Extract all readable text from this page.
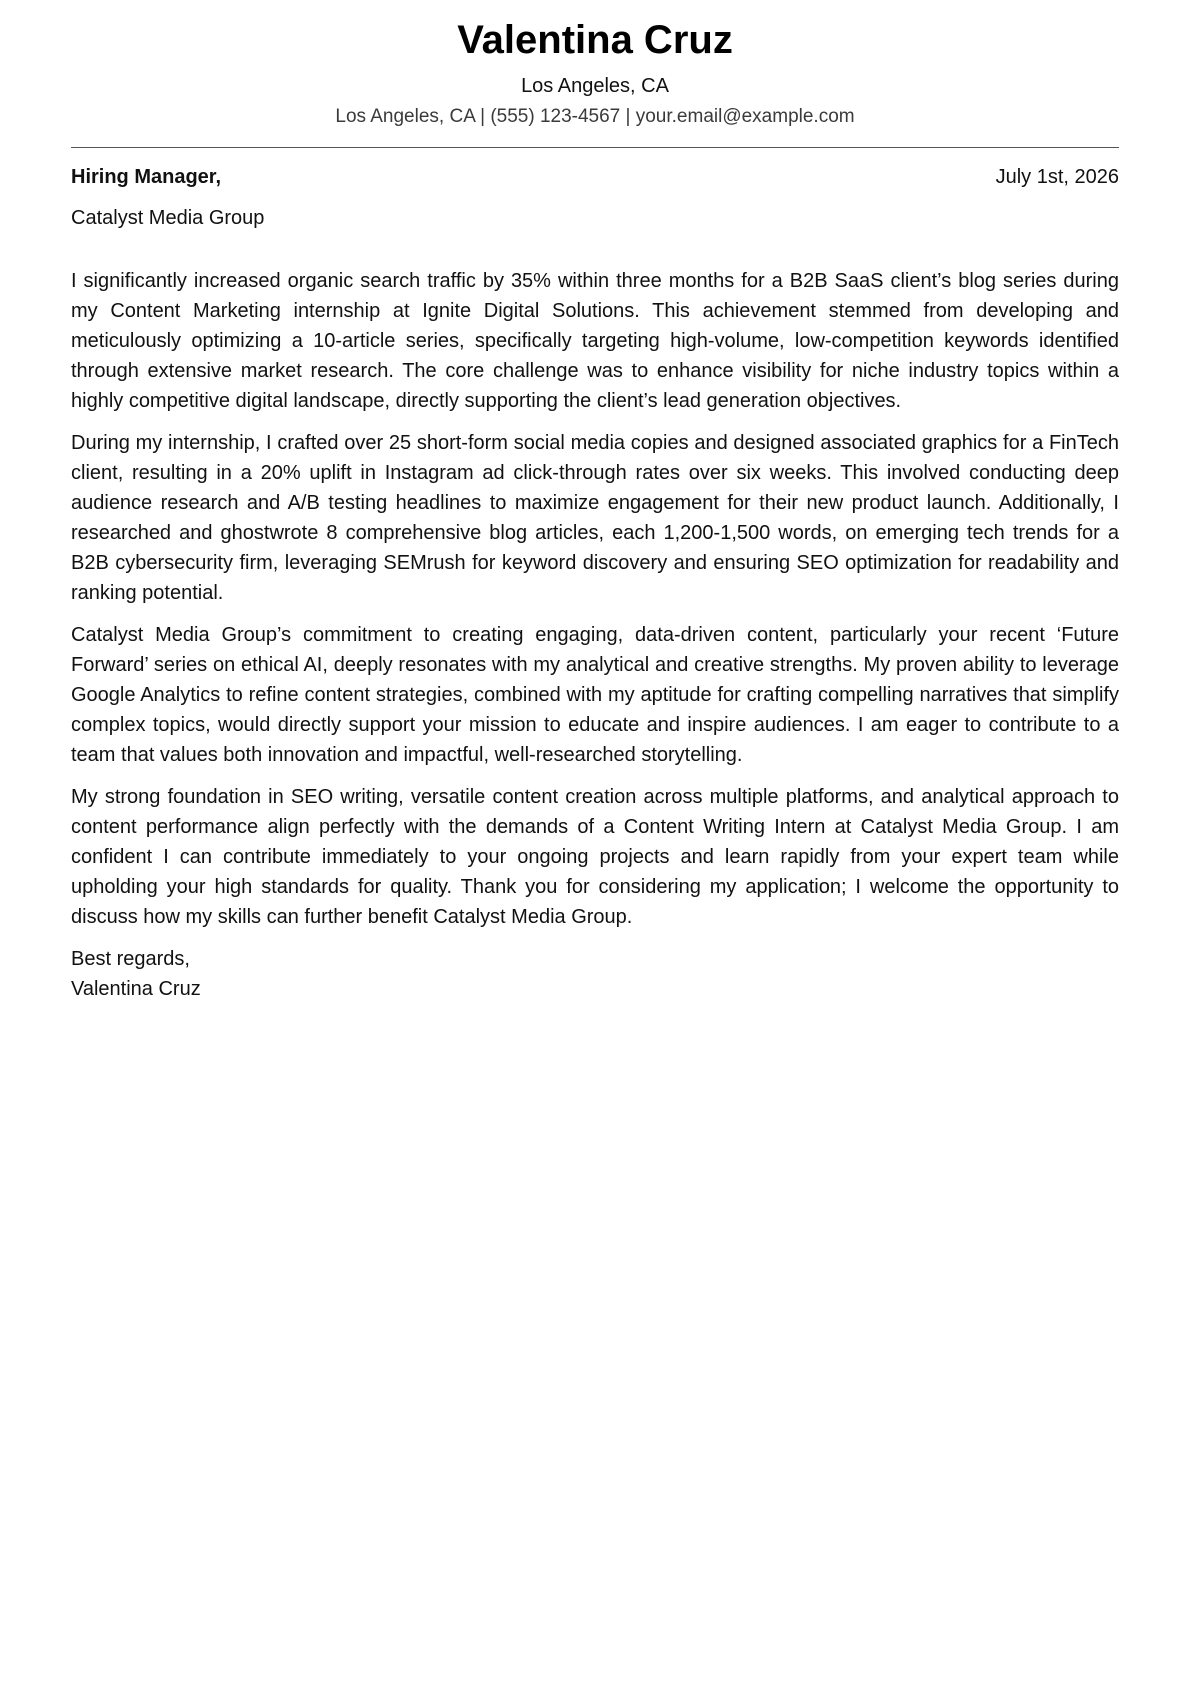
Valentina Cruz
Los Angeles, CA
Los Angeles, CA | (555) 123-4567 | your.email@example.com
Hiring Manager,	July 1st, 2026
Catalyst Media Group

I significantly increased organic search traffic by 35% within three months for a B2B SaaS client’s blog series during my Content Marketing internship at Ignite Digital Solutions. This achievement stemmed from developing and meticulously optimizing a 10-article series, specifically targeting high-volume, low-competition keywords identified through extensive market research. The core challenge was to enhance visibility for niche industry topics within a highly competitive digital landscape, directly supporting the client’s lead generation objectives.

During my internship, I crafted over 25 short-form social media copies and designed associated graphics for a FinTech client, resulting in a 20% uplift in Instagram ad click-through rates over six weeks. This involved conducting deep audience research and A/B testing headlines to maximize engagement for their new product launch. Additionally, I researched and ghostwrote 8 comprehensive blog articles, each 1,200-1,500 words, on emerging tech trends for a B2B cybersecurity firm, leveraging SEMrush for keyword discovery and ensuring SEO optimization for readability and ranking potential.

Catalyst Media Group’s commitment to creating engaging, data-driven content, particularly your recent ‘Future Forward’ series on ethical AI, deeply resonates with my analytical and creative strengths. My proven ability to leverage Google Analytics to refine content strategies, combined with my aptitude for crafting compelling narratives that simplify complex topics, would directly support your mission to educate and inspire audiences. I am eager to contribute to a team that values both innovation and impactful, well-researched storytelling.

My strong foundation in SEO writing, versatile content creation across multiple platforms, and analytical approach to content performance align perfectly with the demands of a Content Writing Intern at Catalyst Media Group. I am confident I can contribute immediately to your ongoing projects and learn rapidly from your expert team while upholding your high standards for quality. Thank you for considering my application; I welcome the opportunity to discuss how my skills can further benefit Catalyst Media Group.

Best regards,
Valentina Cruz
